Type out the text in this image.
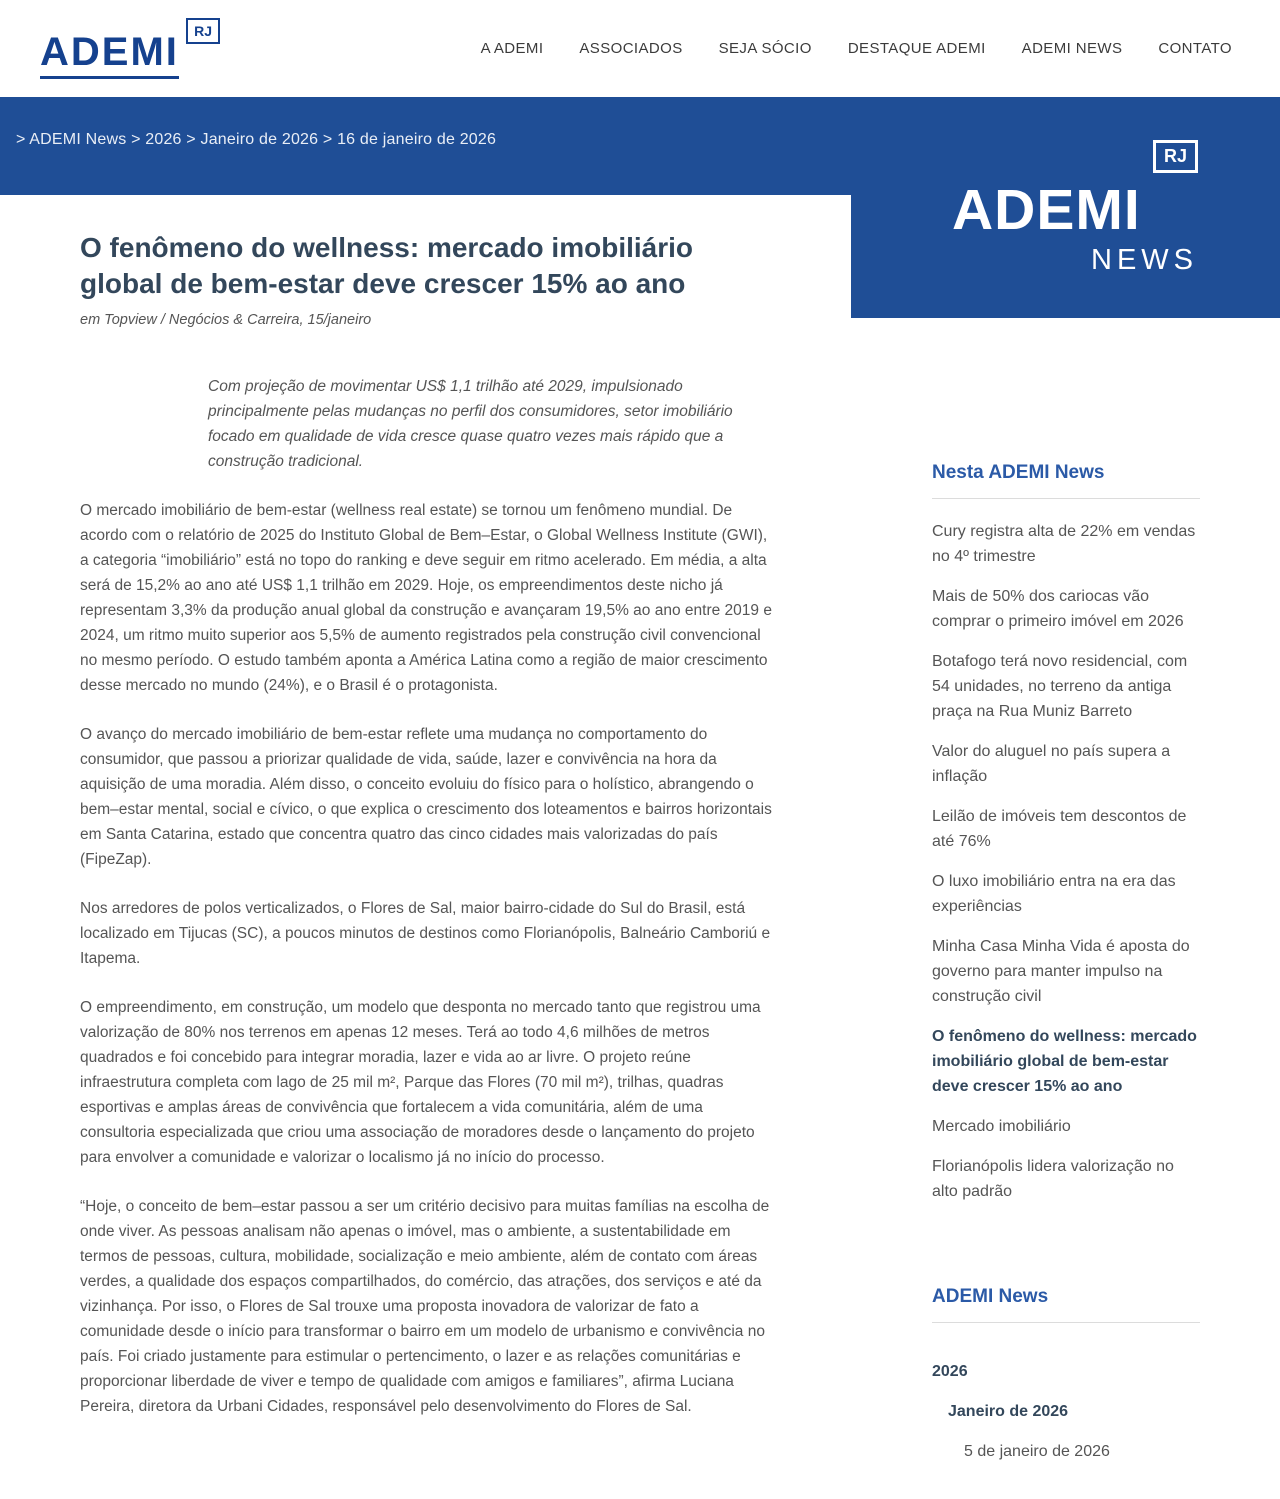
ADEMI	RJ
A ADEMI ASSOCIADOS SEJA SÓCIO DESTAQUE ADEMI ADEMI NEWS CONTATO
> ADEMI News > 2026 > Janeiro de 2026 > 16 de janeiro de 2026
RJ
ADEMI
NEWS
O fenômeno do wellness: mercado imobiliário global de bem-estar deve crescer 15% ao ano
em Topview / Negócios & Carreira, 15/janeiro
Com projeção de movimentar US$ 1,1 trilhão até 2029, impulsionado principalmente pelas mudanças no perfil dos consumidores, setor imobiliário focado em qualidade de vida cresce quase quatro vezes mais rápido que a construção tradicional.

O mercado imobiliário de bem-estar (wellness real estate) se tornou um fenômeno mundial. De acordo com o relatório de 2025 do Instituto Global de Bem–Estar, o Global Wellness Institute (GWI), a categoria “imobiliário” está no topo do ranking e deve seguir em ritmo acelerado. Em média, a alta será de 15,2% ao ano até US$ 1,1 trilhão em 2029. Hoje, os empreendimentos deste nicho já representam 3,3% da produção anual global da construção e avançaram 19,5% ao ano entre 2019 e 2024, um ritmo muito superior aos 5,5% de aumento registrados pela construção civil convencional no mesmo período. O estudo também aponta a América Latina como a região de maior crescimento desse mercado no mundo (24%), e o Brasil é o protagonista.

O avanço do mercado imobiliário de bem-estar reflete uma mudança no comportamento do consumidor, que passou a priorizar qualidade de vida, saúde, lazer e convivência na hora da aquisição de uma moradia. Além disso, o conceito evoluiu do físico para o holístico, abrangendo o bem–estar mental, social e cívico, o que explica o crescimento dos loteamentos e bairros horizontais em Santa Catarina, estado que concentra quatro das cinco cidades mais valorizadas do país (FipeZap).

Nos arredores de polos verticalizados, o Flores de Sal, maior bairro-cidade do Sul do Brasil, está localizado em Tijucas (SC), a poucos minutos de destinos como Florianópolis, Balneário Camboriú e Itapema.

O empreendimento, em construção, um modelo que desponta no mercado tanto que registrou uma valorização de 80% nos terrenos em apenas 12 meses. Terá ao todo 4,6 milhões de metros quadrados e foi concebido para integrar moradia, lazer e vida ao ar livre. O projeto reúne infraestrutura completa com lago de 25 mil m², Parque das Flores (70 mil m²), trilhas, quadras esportivas e amplas áreas de convivência que fortalecem a vida comunitária, além de uma consultoria especializada que criou uma associação de moradores desde o lançamento do projeto para envolver a comunidade e valorizar o localismo já no início do processo.

“Hoje, o conceito de bem–estar passou a ser um critério decisivo para muitas famílias na escolha de onde viver. As pessoas analisam não apenas o imóvel, mas o ambiente, a sustentabilidade em termos de pessoas, cultura, mobilidade, socialização e meio ambiente, além de contato com áreas verdes, a qualidade dos espaços compartilhados, do comércio, das atrações, dos serviços e até da vizinhança. Por isso, o Flores de Sal trouxe uma proposta inovadora de valorizar de fato a comunidade desde o início para transformar o bairro em um modelo de urbanismo e convivência no país. Foi criado justamente para estimular o pertencimento, o lazer e as relações comunitárias e proporcionar liberdade de viver e tempo de qualidade com amigos e familiares”, afirma Luciana Pereira, diretora da Urbani Cidades, responsável pelo desenvolvimento do Flores de Sal.

Nesta ADEMI News
Cury registra alta de 22% em vendas no 4º trimestre
Mais de 50% dos cariocas vão comprar o primeiro imóvel em 2026
Botafogo terá novo residencial, com 54 unidades, no terreno da antiga praça na Rua Muniz Barreto
Valor do aluguel no país supera a inflação
Leilão de imóveis tem descontos de até 76%
O luxo imobiliário entra na era das experiências
Minha Casa Minha Vida é aposta do governo para manter impulso na construção civil
O fenômeno do wellness: mercado imobiliário global de bem-estar deve crescer 15% ao ano
Mercado imobiliário
Florianópolis lidera valorização no alto padrão
ADEMI News
2026
Janeiro de 2026
5 de janeiro de 2026
